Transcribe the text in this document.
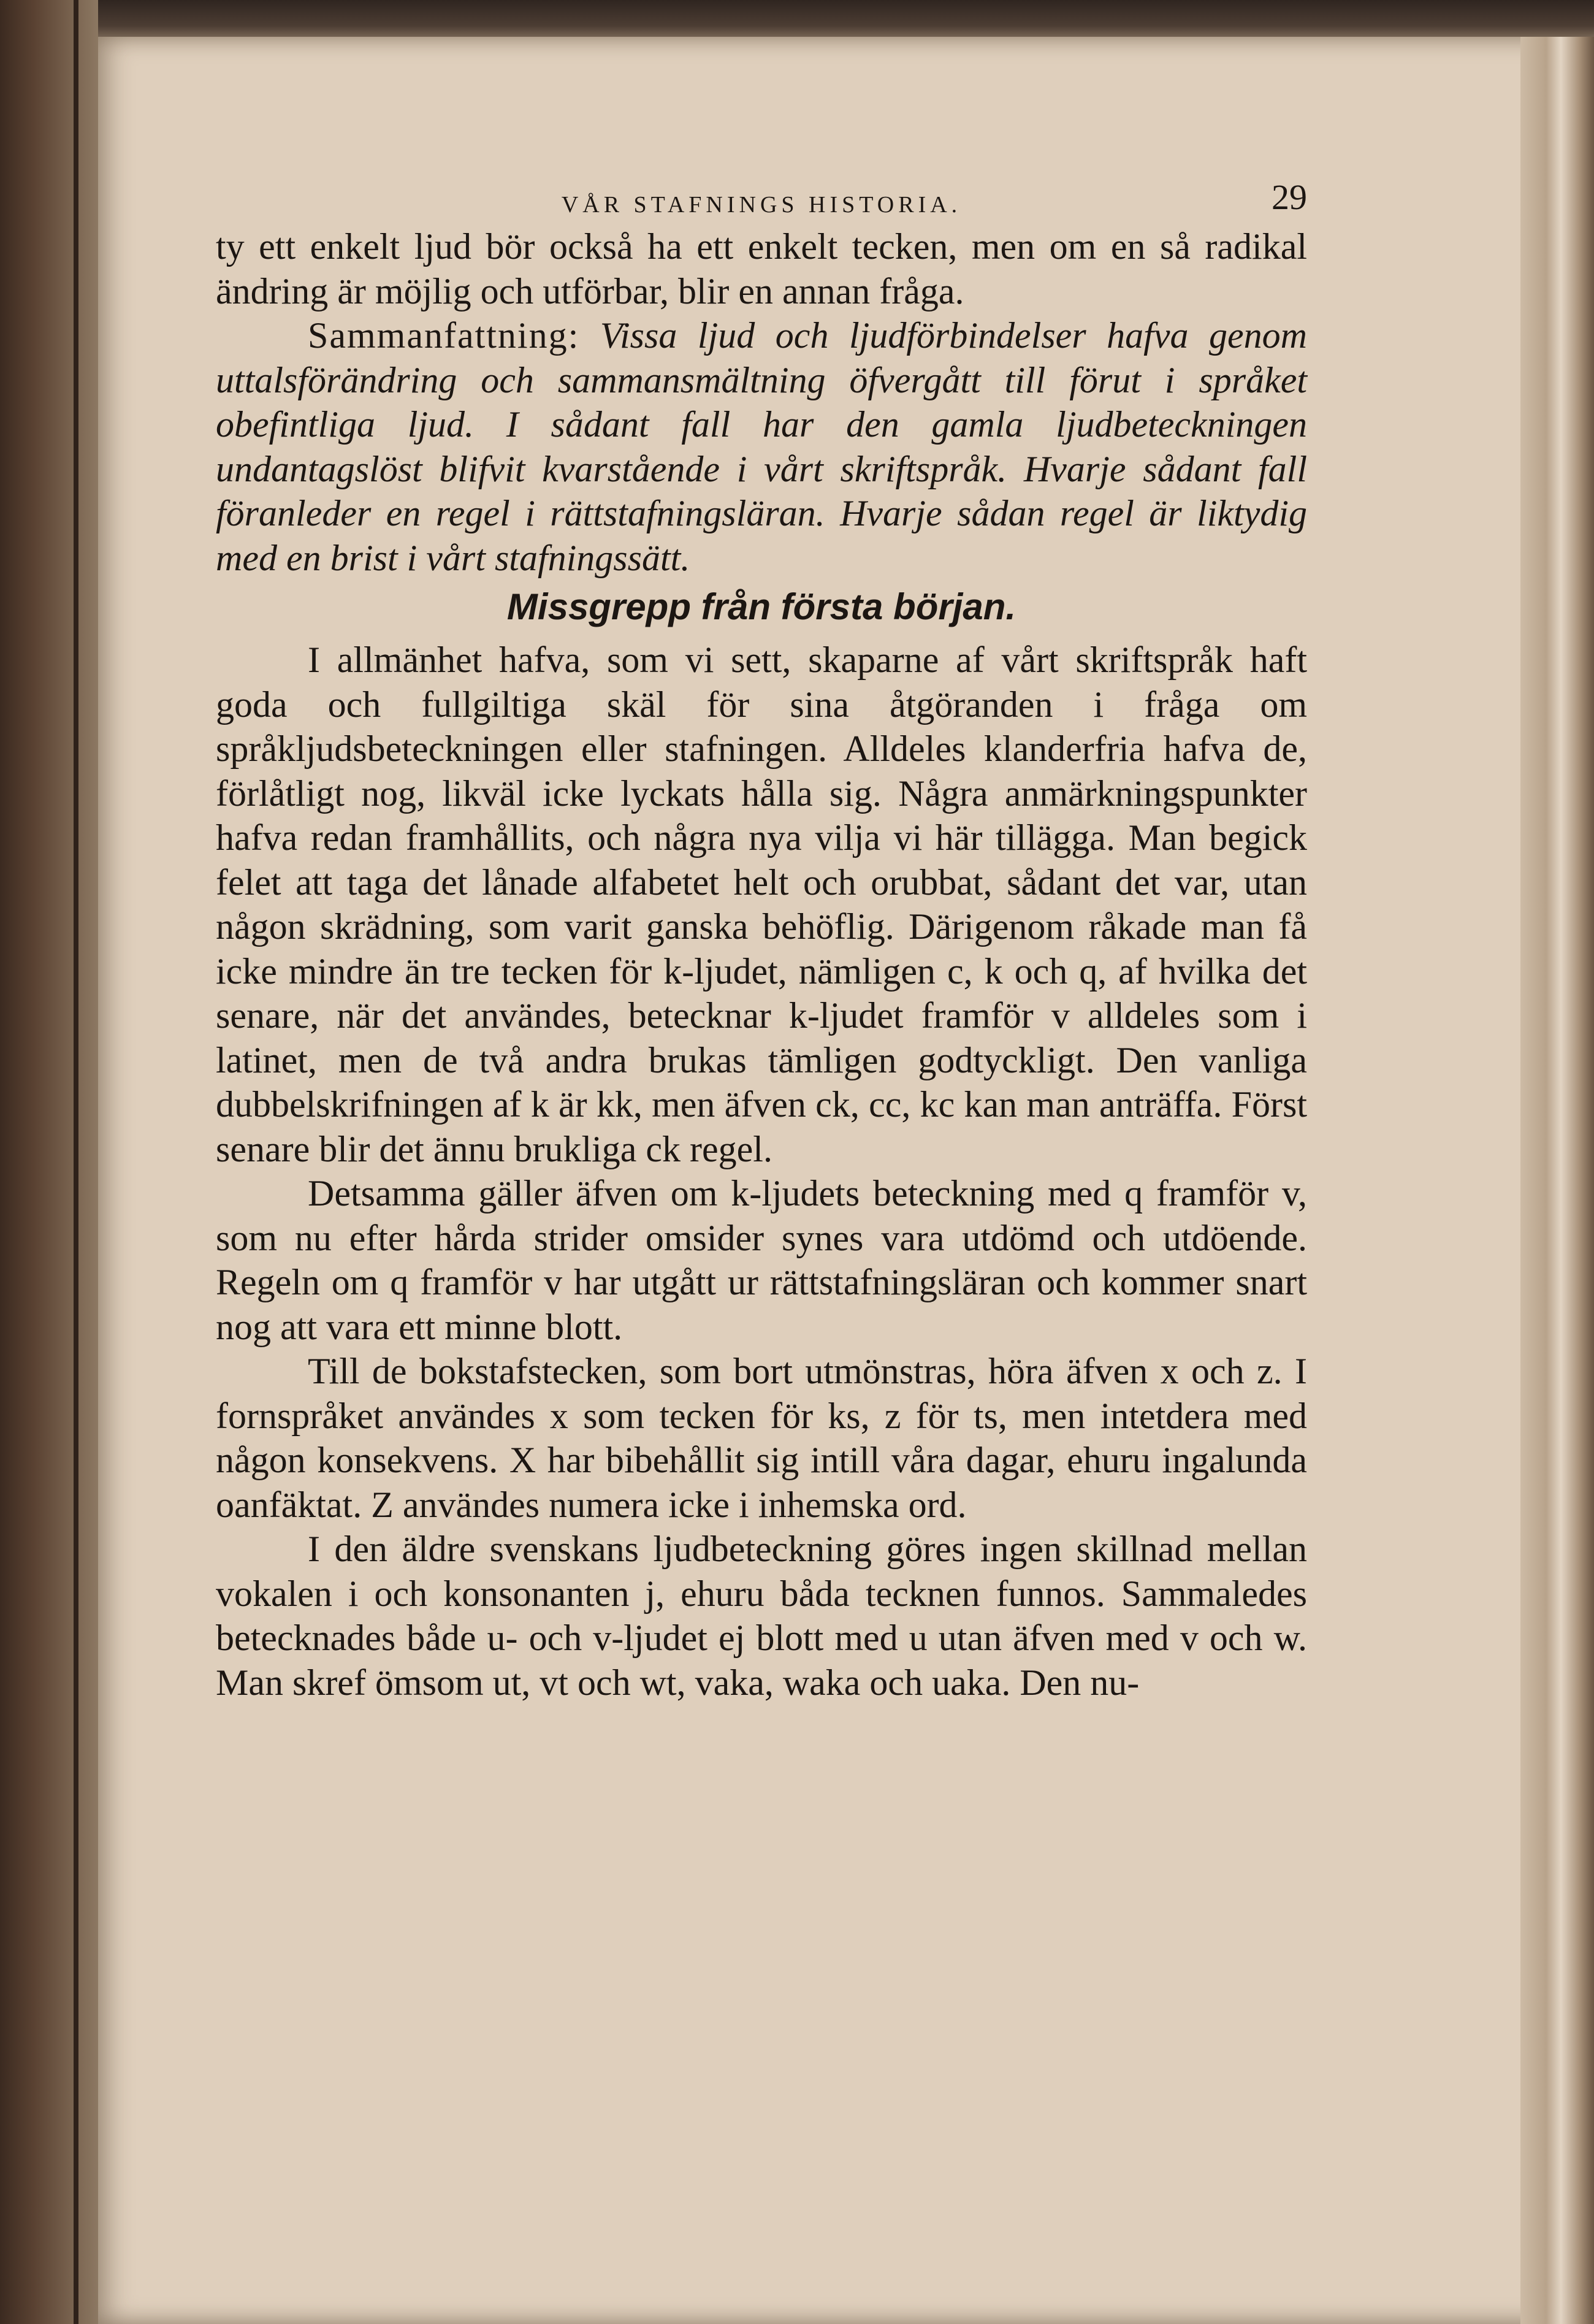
VÅR STAFNINGS HISTORIA.	29

ty ett enkelt ljud bör också ha ett enkelt tecken, men om en så radikal ändring är möjlig och utförbar, blir en annan fråga.

Sammanfattning: Vissa ljud och ljudförbindelser hafva genom uttalsförändring och sammansmältning öfvergått till förut i språket obefintliga ljud. I sådant fall har den gamla ljudbeteckningen undantagslöst blifvit kvarstående i vårt skriftspråk. Hvarje sådant fall föranleder en regel i rättstafningsläran. Hvarje sådan regel är liktydig med en brist i vårt stafningssätt.

Missgrepp från första början.

I allmänhet hafva, som vi sett, skaparne af vårt skriftspråk haft goda och fullgiltiga skäl för sina åtgöranden i fråga om språkljudsbeteckningen eller stafningen. Alldeles klanderfria hafva de, förlåtligt nog, likväl icke lyckats hålla sig. Några anmärkningspunkter hafva redan framhållits, och några nya vilja vi här tillägga. Man begick felet att taga det lånade alfabetet helt och orubbat, sådant det var, utan någon skrädning, som varit ganska behöflig. Därigenom råkade man få icke mindre än tre tecken för k-ljudet, nämligen c, k och q, af hvilka det senare, när det användes, betecknar k-ljudet framför v alldeles som i latinet, men de två andra brukas tämligen godtyckligt. Den vanliga dubbelskrifningen af k är kk, men äfven ck, cc, kc kan man anträffa. Först senare blir det ännu brukliga ck regel.

Detsamma gäller äfven om k-ljudets beteckning med q framför v, som nu efter hårda strider omsider synes vara utdömd och utdöende. Regeln om q framför v har utgått ur rättstafningsläran och kommer snart nog att vara ett minne blott.

Till de bokstafstecken, som bort utmönstras, höra äfven x och z. I fornspråket användes x som tecken för ks, z för ts, men intetdera med någon konsekvens. X har bibehållit sig intill våra dagar, ehuru ingalunda oanfäktat. Z användes numera icke i inhemska ord.

I den äldre svenskans ljudbeteckning göres ingen skillnad mellan vokalen i och konsonanten j, ehuru båda tecknen funnos. Sammaledes betecknades både u- och v-ljudet ej blott med u utan äfven med v och w. Man skref ömsom ut, vt och wt, vaka, waka och uaka. Den nu-
